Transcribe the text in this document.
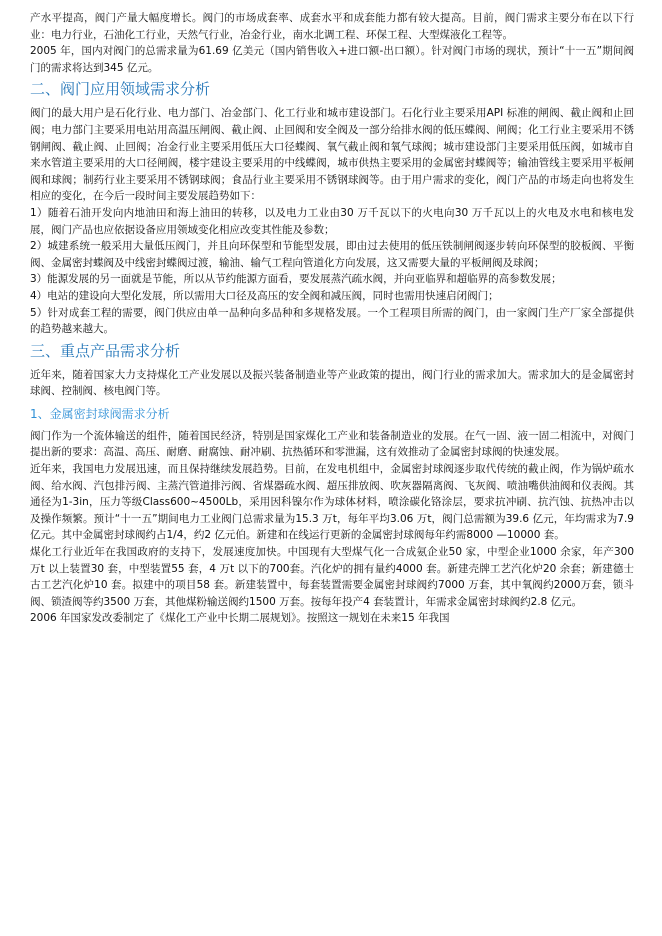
产水平提高，阀门产量大幅度增长。阀门的市场成套率、成套水平和成套能力都有较大提高。目前，阀门需求主要分布在以下行业：电力行业，石油化工行业，天然气行业，冶金行业，南水北调工程、环保工程、大型煤液化工程等。

2005 年，国内对阀门的总需求量为61.69 亿美元（国内销售收入+进口额-出口额）。针对阀门市场的现状，预计“十一五”期间阀门的需求将达到345 亿元。

二、阀门应用领域需求分析

阀门的最大用户是石化行业、电力部门、冶金部门、化工行业和城市建设部门。石化行业主要采用API 标准的闸阀、截止阀和止回阀；电力部门主要采用电站用高温压闸阀、截止阀、止回阀和安全阀及一部分给排水阀的低压蝶阀、闸阀；化工行业主要采用不锈钢闸阀、截止阀、止回阀；冶金行业主要采用低压大口径蝶阀、氧气截止阀和氧气球阀；城市建设部门主要采用低压阀，如城市自来水管道主要采用的大口径闸阀，楼宇建设主要采用的中线蝶阀，城市供热主要采用的金属密封蝶阀等；输油管线主要采用平板闸阀和球阀；制药行业主要采用不锈钢球阀；食品行业主要采用不锈钢球阀等。由于用户需求的变化，阀门产品的市场走向也将发生相应的变化，在今后一段时间主要发展趋势如下：

1）随着石油开发向内地油田和海上油田的转移，以及电力工业由30 万千瓦以下的火电向30 万千瓦以上的火电及水电和核电发展，阀门产品也应依据设备应用领域变化相应改变其性能及参数；

2）城建系统一般采用大量低压阀门，并且向环保型和节能型发展，即由过去使用的低压铁制闸阀逐步转向环保型的胶板阀、平衡阀、金属密封蝶阀及中线密封蝶阀过渡，输油、输气工程向管道化方向发展，这又需要大量的平板闸阀及球阀；

3）能源发展的另一面就是节能，所以从节约能源方面看，要发展蒸汽疏水阀，并向亚临界和超临界的高参数发展；

4）电站的建设向大型化发展，所以需用大口径及高压的安全阀和减压阀，同时也需用快速启闭阀门；

5）针对成套工程的需要，阀门供应由单一品种向多品种和多规格发展。一个工程项目所需的阀门，由一家阀门生产厂家全部提供的趋势越来越大。

三、重点产品需求分析

近年来，随着国家大力支持煤化工产业发展以及振兴装备制造业等产业政策的提出，阀门行业的需求加大。需求加大的是金属密封球阀、控制阀、核电阀门等。

1、金属密封球阀需求分析

阀门作为一个流体输送的组件，随着国民经济，特别是国家煤化工产业和装备制造业的发展。在气一固、液一固二相流中，对阀门提出新的要求：高温、高压、耐磨、耐腐蚀、耐冲刷、抗热循环和零泄漏，这有效推动了金属密封球阀的快速发展。

近年来，我国电力发展迅速，而且保持继续发展趋势。目前，在发电机组中，金属密封球阀逐步取代传统的截止阀，作为锅炉疏水阀、给水阀、汽包排污阀、主蒸汽管道排污阀、省煤器疏水阀、超压排放阀、吹灰器隔离阀、飞灰阀、喷油嘴供油阀和仪表阀。其通径为1-3in，压力等级Class600~4500Lb，采用因科镍尔作为球体材料，喷涂碳化铬涂层，要求抗冲刷、抗汽蚀、抗热冲击以及操作频繁。预计“十一五”期间电力工业阀门总需求量为15.3 万t，每年平均3.06 万t，阀门总需额为39.6 亿元，年均需求为7.9 亿元。其中金属密封球阀约占1/4，约2 亿元伯。新建和在线运行更新的金属密封球阀每年约需8000 —10000 套。

煤化工行业近年在我国政府的支持下，发展速度加快。中国现有大型煤气化一合成氨企业50 家，中型企业1000 余家，年产300 万t 以上装置30 套，中型装置55 套，4 万t 以下的700套。汽化炉的拥有量约4000 套。新建壳牌工艺汽化炉20 余套；新建德士古工艺汽化炉10 套。拟建中的项目58 套。新建装置中，每套装置需要金属密封球阀约7000 万套，其中氧阀约2000万套，锁斗阀、锁渣阀等约3500 万套，其他煤粉输送阀约1500 万套。按每年投产4 套装置计，年需求金属密封球阀约2.8 亿元。

2006 年国家发改委制定了《煤化工产业中长期二展规划》。按照这一规划在未来15 年我国
